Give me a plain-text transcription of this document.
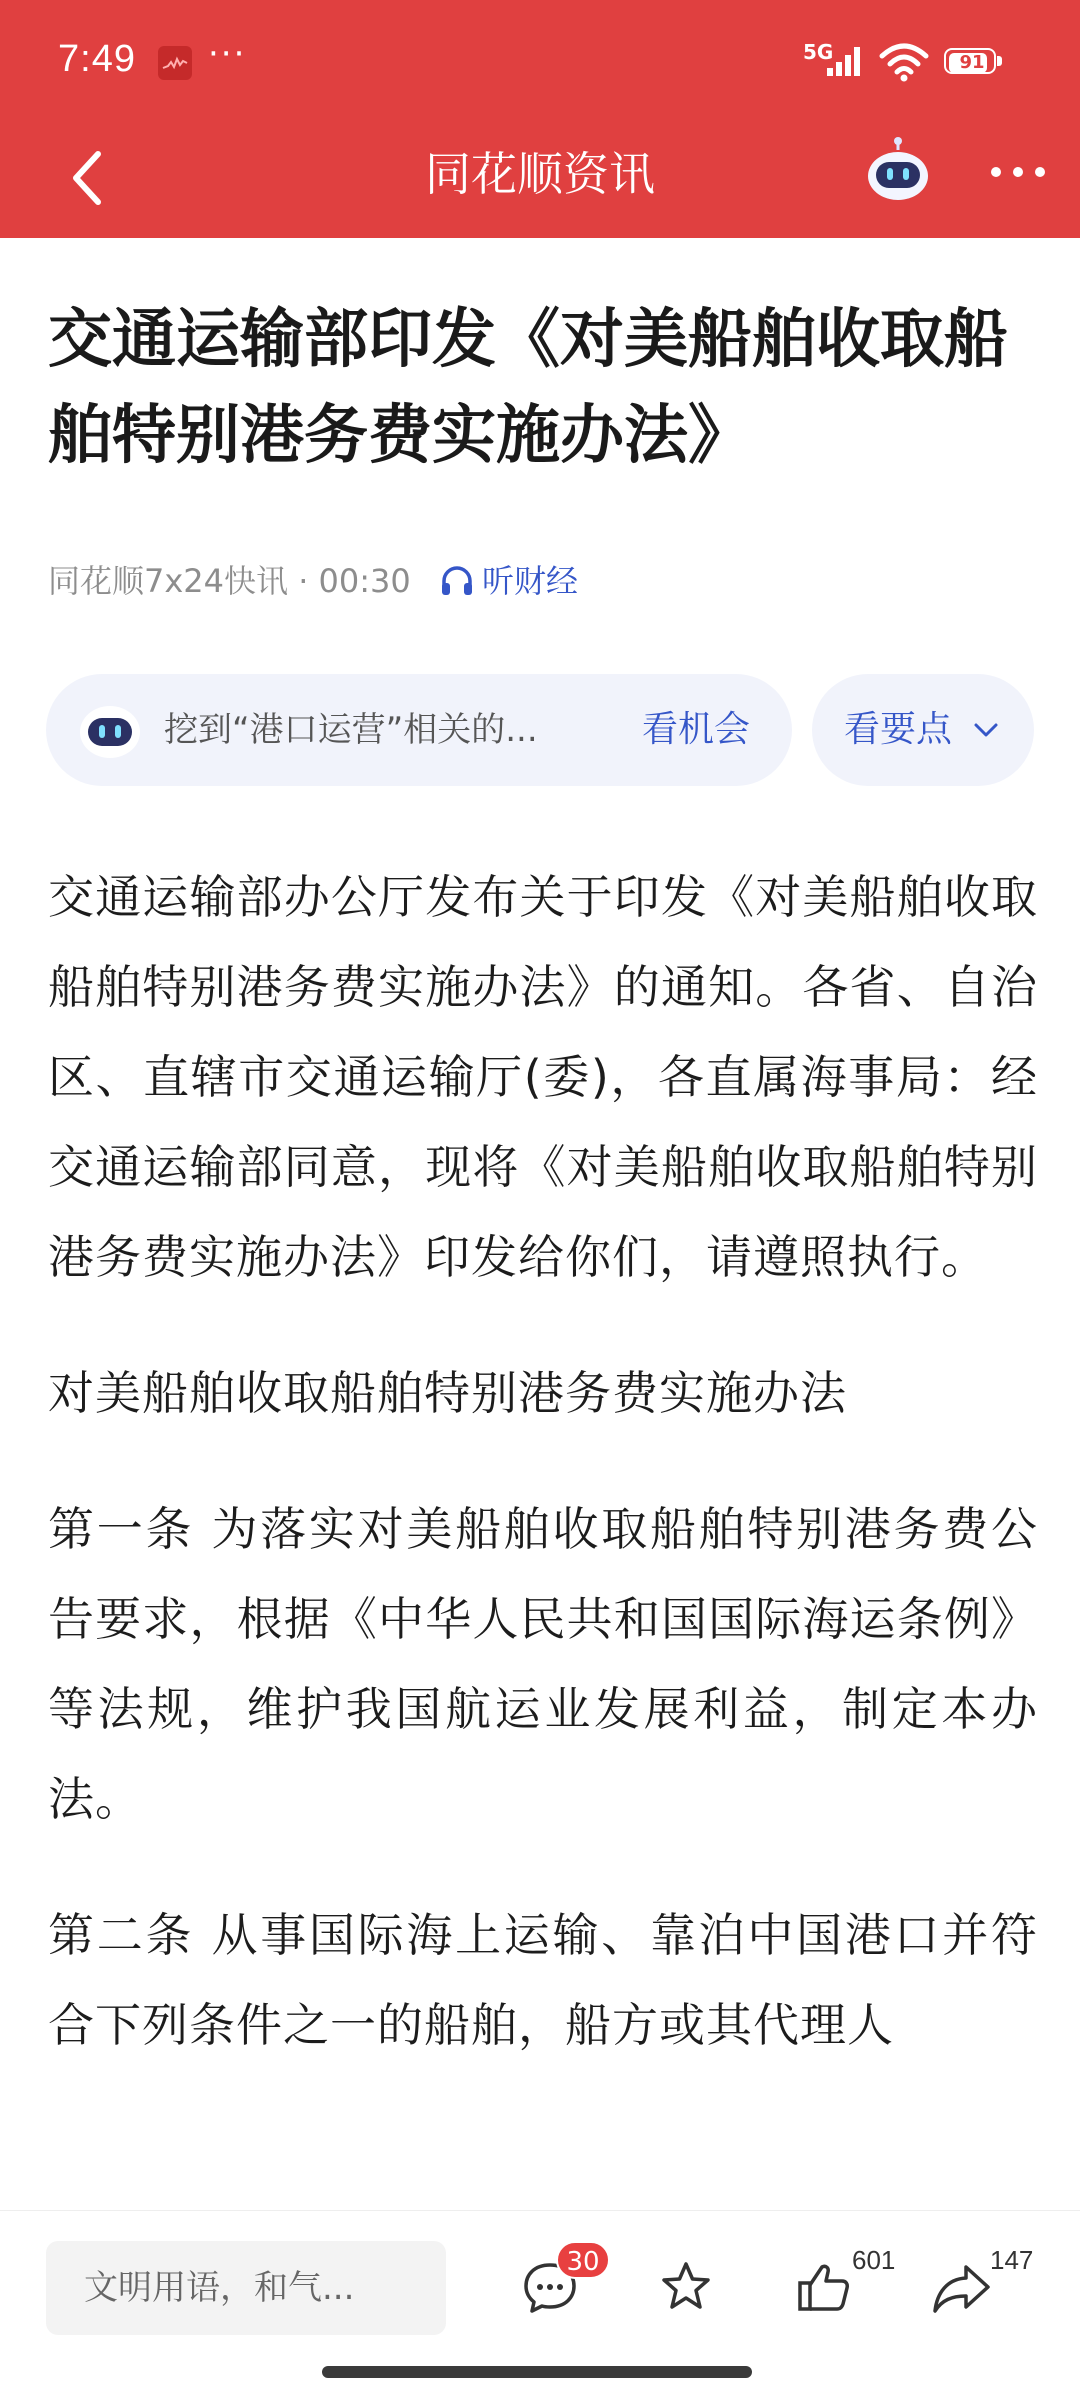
7:49 ···	5G	91
同花顺资讯
交通运输部印发《对美船舶收取船舶特别港务费实施办法》
同花顺7x24快讯 · 00:30 听财经
挖到“港口运营”相关的...	看机会	看要点

交通运输部办公厅发布关于印发《对美船舶收取船舶特别港务费实施办法》的通知。各省、自治区、直辖市交通运输厅(委)，各直属海事局：经交通运输部同意，现将《对美船舶收取船舶特别港务费实施办法》印发给你们，请遵照执行。

对美船舶收取船舶特别港务费实施办法

第一条 为落实对美船舶收取船舶特别港务费公告要求，根据《中华人民共和国国际海运条例》等法规，维护我国航运业发展利益，制定本办法。

第二条 从事国际海上运输、靠泊中国港口并符合下列条件之一的船舶，船方或其代理人

文明用语，和气...
30	601	147
